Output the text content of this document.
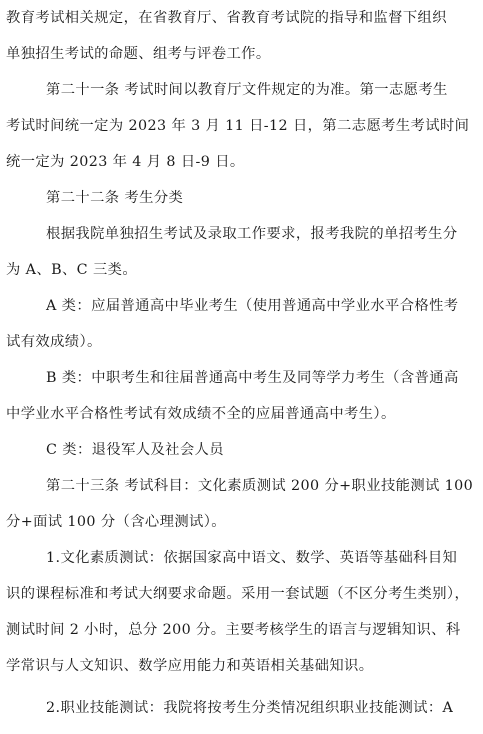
教育考试相关规定，在省教育厅、省教育考试院的指导和监督下组织
单独招生考试的命题、组考与评卷工作。
第二十一条 考试时间以教育厅文件规定的为准。第一志愿考生
考试时间统一定为 2023 年 3 月 11 日-12 日，第二志愿考生考试时间
统一定为 2023 年 4 月 8 日-9 日。
第二十二条 考生分类
根据我院单独招生考试及录取工作要求，报考我院的单招考生分
为 A、B、C 三类。
A 类：应届普通高中毕业考生（使用普通高中学业水平合格性考
试有效成绩）。
B 类：中职考生和往届普通高中考生及同等学力考生（含普通高
中学业水平合格性考试有效成绩不全的应届普通高中考生）。
C 类：退役军人及社会人员
第二十三条 考试科目：文化素质测试 200 分+职业技能测试 100
分+面试 100 分（含心理测试）。
1.文化素质测试：依据国家高中语文、数学、英语等基础科目知
识的课程标准和考试大纲要求命题。采用一套试题（不区分考生类别），
测试时间 2 小时，总分 200 分。主要考核学生的语言与逻辑知识、科
学常识与人文知识、数学应用能力和英语相关基础知识。
2.职业技能测试：我院将按考生分类情况组织职业技能测试：A
